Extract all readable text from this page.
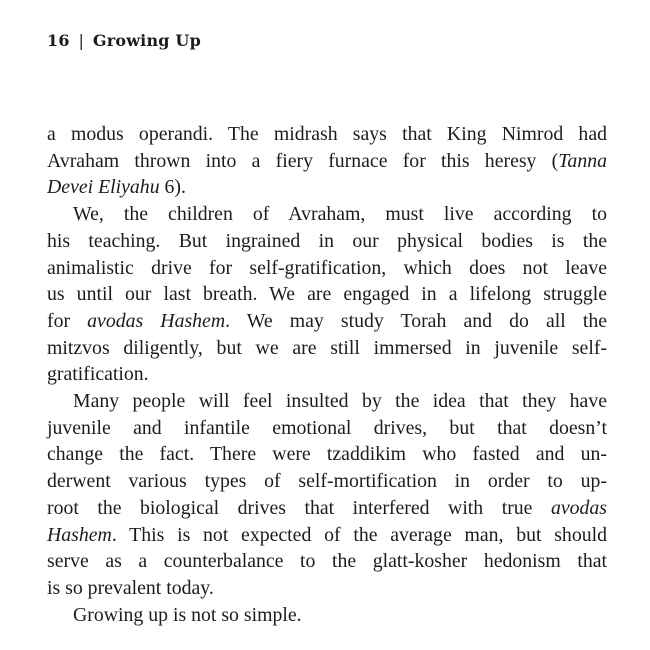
16 | Growing Up
a modus operandi. The midrash says that King Nimrod had
Avraham thrown into a fiery furnace for this heresy (Tanna
Devei Eliyahu 6).
We, the children of Avraham, must live according to
his teaching. But ingrained in our physical bodies is the
animalistic drive for self-gratification, which does not leave
us until our last breath. We are engaged in a lifelong struggle
for avodas Hashem. We may study Torah and do all the
mitzvos diligently, but we are still immersed in juvenile self-
gratification.
Many people will feel insulted by the idea that they have
juvenile and infantile emotional drives, but that doesn’t
change the fact. There were tzaddikim who fasted and un-
derwent various types of self-mortification in order to up-
root the biological drives that interfered with true avodas
Hashem. This is not expected of the average man, but should
serve as a counterbalance to the glatt-kosher hedonism that
is so prevalent today.
Growing up is not so simple.
